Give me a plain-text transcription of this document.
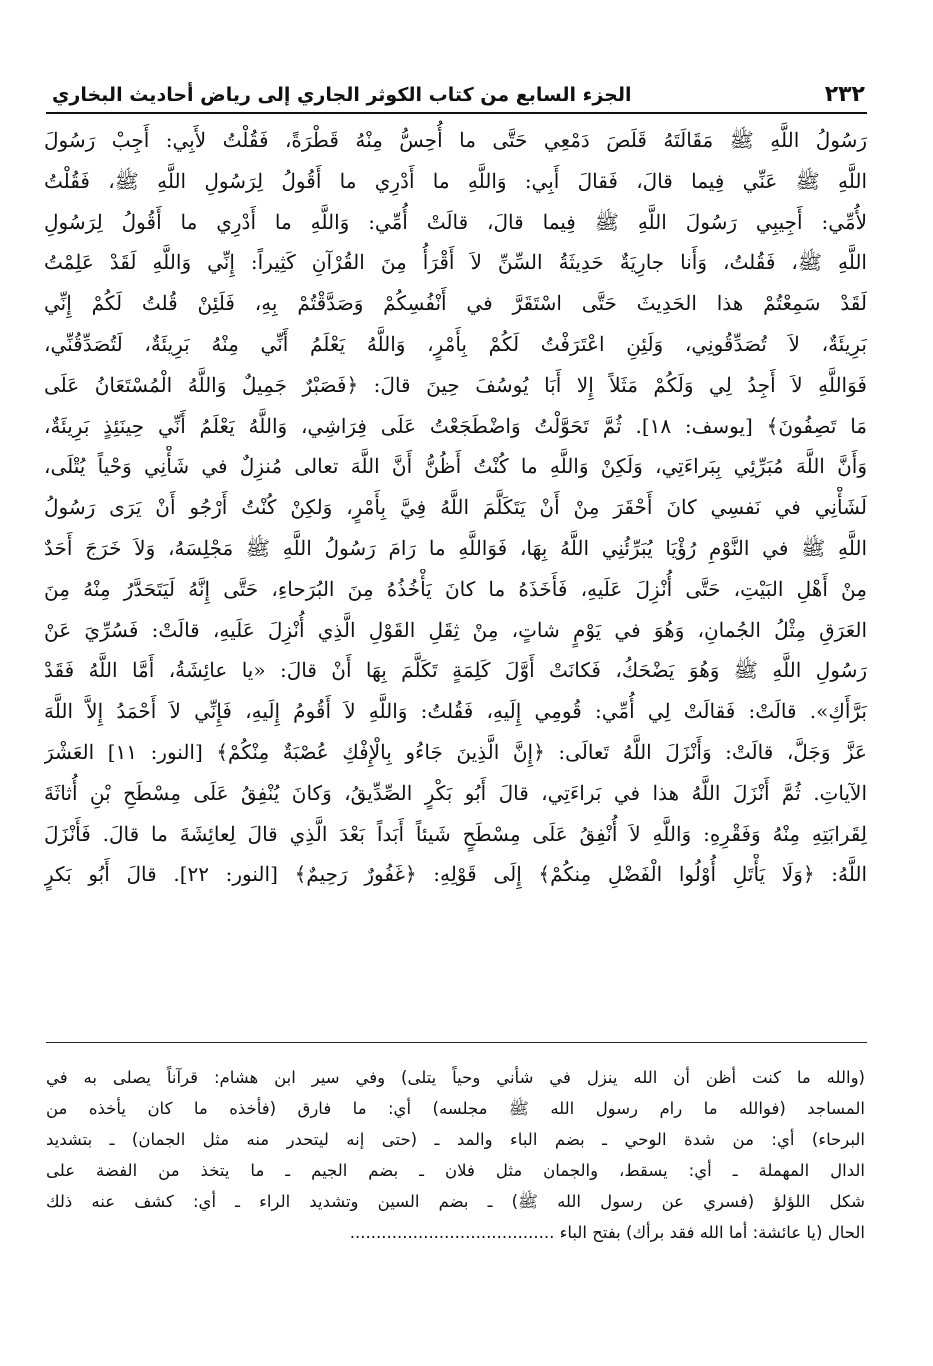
٢٣٢
الجزء السابع من كتاب الكوثر الجاري إلى رياض أحاديث البخاري
رَسُولُ اللَّهِ ﷺ مَقَالَتَهُ قَلَصَ دَمْعِي حَتَّى ما أُحِسُّ مِنْهُ قَطْرَةً، فَقُلْتُ لأَبِي: أَجِبْ رَسُولَ
اللَّهِ ﷺ عَنِّي فِيما قالَ، فَقالَ أَبِي: وَاللَّهِ ما أَدْرِي ما أَقُولُ لِرَسُولِ اللَّهِ ﷺ، فَقُلْتُ
لأُمِّي: أَجِيبِي رَسُولَ اللَّهِ ﷺ فِيما قالَ، قالَتْ أُمِّي: وَاللَّهِ ما أَدْرِي ما أَقُولُ لِرَسُولِ
اللَّهِ ﷺ، فَقُلتُ، وَأَنا جارِيَةٌ حَدِيثَةُ السِّنِّ لاَ أَقْرَأُ مِنَ القُرْآنِ كَثِيراً: إِنِّي وَاللَّهِ لَقَدْ عَلِمْتُ
لَقَدْ سَمِعْتُمْ هذا الحَدِيثَ حَتَّى اسْتَقَرَّ في أَنْفُسِكُمْ وَصَدَّقْتُمْ بِهِ، فَلَئِنْ قُلتُ لَكُمْ إِنِّي
بَرِيئَةٌ، لاَ تُصَدِّقُونِي، وَلَئِنِ اعْتَرَفْتُ لَكُمْ بِأَمْرٍ، وَاللَّهُ يَعْلَمُ أَنِّي مِنْهُ بَرِيئَةٌ، لَتُصَدِّقُنِّي،
فَوَاللَّهِ لاَ أَجِدُ لِي وَلَكُمْ مَثَلاً إِلا أَبَا يُوسُفَ حِينَ قالَ: ﴿فَصَبْرٌ جَمِيلٌ وَاللَّهُ الْمُسْتَعَانُ عَلَى
مَا تَصِفُونَ﴾ [يوسف: ١٨]. ثُمَّ تَحَوَّلْتُ وَاضْطَجَعْتُ عَلَى فِرَاشِي، وَاللَّهُ يَعْلَمُ أَنِّي حِينَئِذٍ بَرِيئَةٌ،
وَأَنَّ اللَّهَ مُبَرِّئِي بِبَراءَتِي، وَلَكِنْ وَاللَّهِ ما كُنْتُ أَظُنُّ أَنَّ اللَّهَ تعالى مُنزِلٌ في شَأْنِي وَحْياً يُتْلَى،
لَشَأْنِي في نَفسِي كانَ أَحْقَرَ مِنْ أَنْ يَتَكَلَّمَ اللَّهُ فِيَّ بِأَمْرٍ، وَلكِنْ كُنْتُ أَرْجُو أَنْ يَرَى رَسُولُ
اللَّهِ ﷺ في النَّوْمِ رُؤْيَا يُبَرِّئُنِي اللَّهُ بِهَا، فَوَاللَّهِ ما رَامَ رَسُولُ اللَّهِ ﷺ مَجْلِسَهُ، وَلاَ خَرَجَ أَحَدٌ
مِنْ أَهْلِ البَيْتِ، حَتَّى أُنْزِلَ عَلَيهِ، فَأَخَذَهُ ما كانَ يَأْخُذُهُ مِنَ البُرَحاءِ، حَتَّى إِنَّهُ لَيَتَحَدَّرُ مِنْهُ مِنَ
العَرَقِ مِثْلُ الجُمانِ، وَهُوَ في يَوْمٍ شاتٍ، مِنْ ثِقَلِ القَوْلِ الَّذِي أُنْزِلَ عَلَيهِ، قالَتْ: فَسُرِّيَ عَنْ
رَسُولِ اللَّهِ ﷺ وَهُوَ يَضْحَكُ، فَكانَتْ أَوَّلَ كَلِمَةٍ تَكَلَّمَ بِهَا أَنْ قالَ: «يا عائِشَةُ، أَمَّا اللَّهُ فَقَدْ
بَرَّأَكِ». قالَتْ: فَقالَتْ لِي أُمِّي: قُومِي إِلَيهِ، فَقُلتُ: وَاللَّهِ لاَ أَقُومُ إِلَيهِ، فَإِنِّي لاَ أَحْمَدُ إِلاَّ اللَّهَ
عَزَّ وَجَلَّ، قالَتْ: وَأَنْزَلَ اللَّهُ تَعالَى: ﴿إِنَّ الَّذِينَ جَاءُو بِالْإِفْكِ عُصْبَةٌ مِنْكُمْ﴾ [النور: ١١] العَشْرَ
الآياتِ. ثُمَّ أَنْزَلَ اللَّهُ هذا في بَراءَتِي، قالَ أَبُو بَكْرٍ الصِّدِّيقُ، وَكانَ يُنْفِقُ عَلَى مِسْطَحِ بْنِ أُثاثَةَ
لِقَرابَتِهِ مِنْهُ وَفَقْرِهِ: وَاللَّهِ لاَ أُنْفِقُ عَلَى مِسْطَحٍ شَيئاً أَبَداً بَعْدَ الَّذِي قالَ لِعائِشَةَ ما قالَ. فَأَنْزَلَ
اللَّهُ: ﴿وَلَا يَأْتَلِ أُوْلُوا الْفَضْلِ مِنكُمْ﴾ إِلَى قَوْلِهِ: ﴿غَفُورٌ رَحِيمٌ﴾ [النور: ٢٢]. قالَ أَبُو بَكرٍ
(والله ما كنت أظن أن الله ينزل في شأني وحياً يتلى) وفي سير ابن هشام: قرآناً يصلى به في
المساجد (فوالله ما رام رسول الله ﷺ مجلسه) أي: ما فارق (فأخذه ما كان يأخذه من
البرحاء) أي: من شدة الوحي ـ بضم الباء والمد ـ (حتى إنه ليتحدر منه مثل الجمان) ـ بتشديد
الدال المهملة ـ أي: يسقط، والجمان مثل فلان ـ بضم الجيم ـ ما يتخذ من الفضة على
شكل اللؤلؤ (فسري عن رسول الله ﷺ) ـ بضم السين وتشديد الراء ـ أي: كشف عنه ذلك
الحال (يا عائشة: أما الله فقد برأك) بفتح الباء .......................................
